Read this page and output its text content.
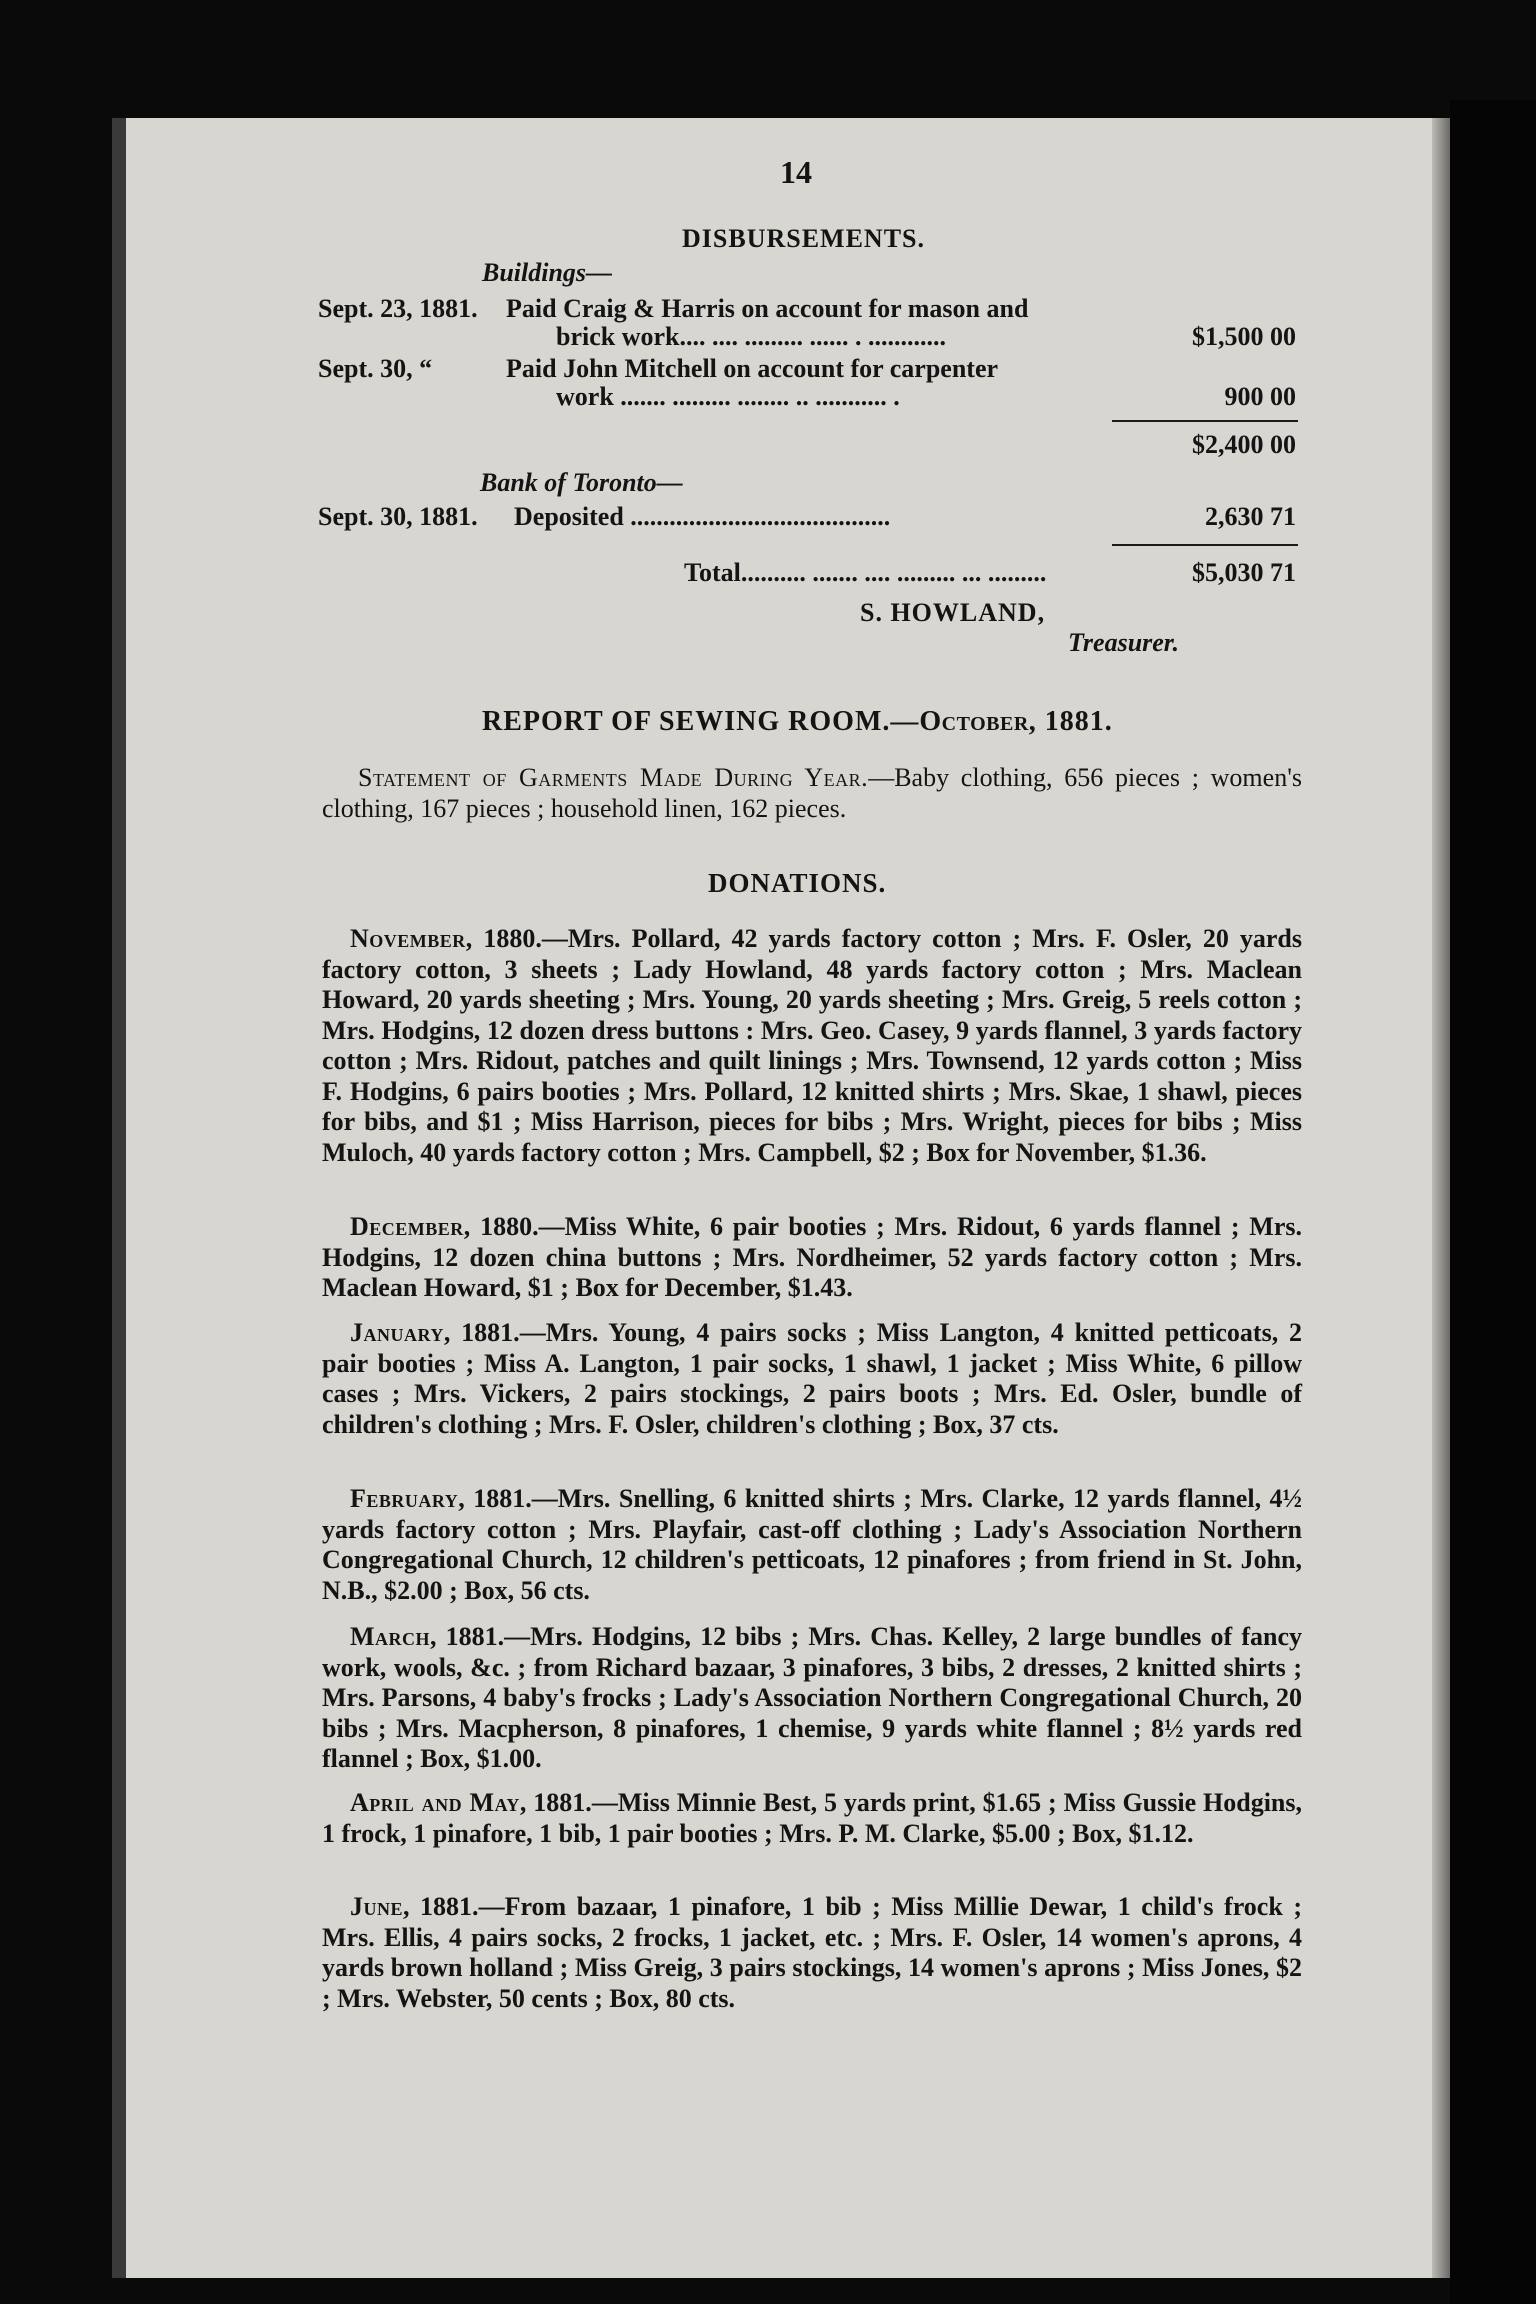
14
DISBURSEMENTS.
Buildings—
Sept. 23, 1881. Paid Craig & Harris on account for mason and
brick work.... .... ......... ...... . ............	$1,500 00
Sept. 30, “	Paid John Mitchell on account for carpenter
work ....... ......... ........ .. ........... .	900 00
$2,400 00
Bank of Toronto—
Sept. 30, 1881. Deposited ........................................	2,630 71
Total.......... ....... .... ......... ... .........	$5,030 71
S. HOWLAND,
Treasurer.
REPORT OF SEWING ROOM.—October, 1881.
Statement of Garments Made During Year.—Baby clothing, 656 pieces ; women's clothing, 167 pieces ; household linen, 162 pieces.
DONATIONS.
November, 1880.—Mrs. Pollard, 42 yards factory cotton ; Mrs. F. Osler, 20 yards factory cotton, 3 sheets ; Lady Howland, 48 yards factory cotton ; Mrs. Maclean Howard, 20 yards sheeting ; Mrs. Young, 20 yards sheeting ; Mrs. Greig, 5 reels cotton ; Mrs. Hodgins, 12 dozen dress buttons : Mrs. Geo. Casey, 9 yards flannel, 3 yards factory cotton ; Mrs. Ridout, patches and quilt linings ; Mrs. Townsend, 12 yards cotton ; Miss F. Hodgins, 6 pairs booties ; Mrs. Pollard, 12 knitted shirts ; Mrs. Skae, 1 shawl, pieces for bibs, and $1 ; Miss Harrison, pieces for bibs ; Mrs. Wright, pieces for bibs ; Miss Muloch, 40 yards factory cotton ; Mrs. Campbell, $2 ; Box for November, $1.36.
December, 1880.—Miss White, 6 pair booties ; Mrs. Ridout, 6 yards flannel ; Mrs. Hodgins, 12 dozen china buttons ; Mrs. Nordheimer, 52 yards factory cotton ; Mrs. Maclean Howard, $1 ; Box for December, $1.43.
January, 1881.—Mrs. Young, 4 pairs socks ; Miss Langton, 4 knitted petticoats, 2 pair booties ; Miss A. Langton, 1 pair socks, 1 shawl, 1 jacket ; Miss White, 6 pillow cases ; Mrs. Vickers, 2 pairs stockings, 2 pairs boots ; Mrs. Ed. Osler, bundle of children's clothing ; Mrs. F. Osler, children's clothing ; Box, 37 cts.
February, 1881.—Mrs. Snelling, 6 knitted shirts ; Mrs. Clarke, 12 yards flannel, 4½ yards factory cotton ; Mrs. Playfair, cast-off clothing ; Lady's Association Northern Congregational Church, 12 children's petticoats, 12 pinafores ; from friend in St. John, N.B., $2.00 ; Box, 56 cts.
March, 1881.—Mrs. Hodgins, 12 bibs ; Mrs. Chas. Kelley, 2 large bundles of fancy work, wools, &c. ; from Richard bazaar, 3 pinafores, 3 bibs, 2 dresses, 2 knitted shirts ; Mrs. Parsons, 4 baby's frocks ; Lady's Association Northern Congregational Church, 20 bibs ; Mrs. Macpherson, 8 pinafores, 1 chemise, 9 yards white flannel ; 8½ yards red flannel ; Box, $1.00.
April and May, 1881.—Miss Minnie Best, 5 yards print, $1.65 ; Miss Gussie Hodgins, 1 frock, 1 pinafore, 1 bib, 1 pair booties ; Mrs. P. M. Clarke, $5.00 ; Box, $1.12.
June, 1881.—From bazaar, 1 pinafore, 1 bib ; Miss Millie Dewar, 1 child's frock ; Mrs. Ellis, 4 pairs socks, 2 frocks, 1 jacket, etc. ; Mrs. F. Osler, 14 women's aprons, 4 yards brown holland ; Miss Greig, 3 pairs stockings, 14 women's aprons ; Miss Jones, $2 ; Mrs. Webster, 50 cents ; Box, 80 cts.
